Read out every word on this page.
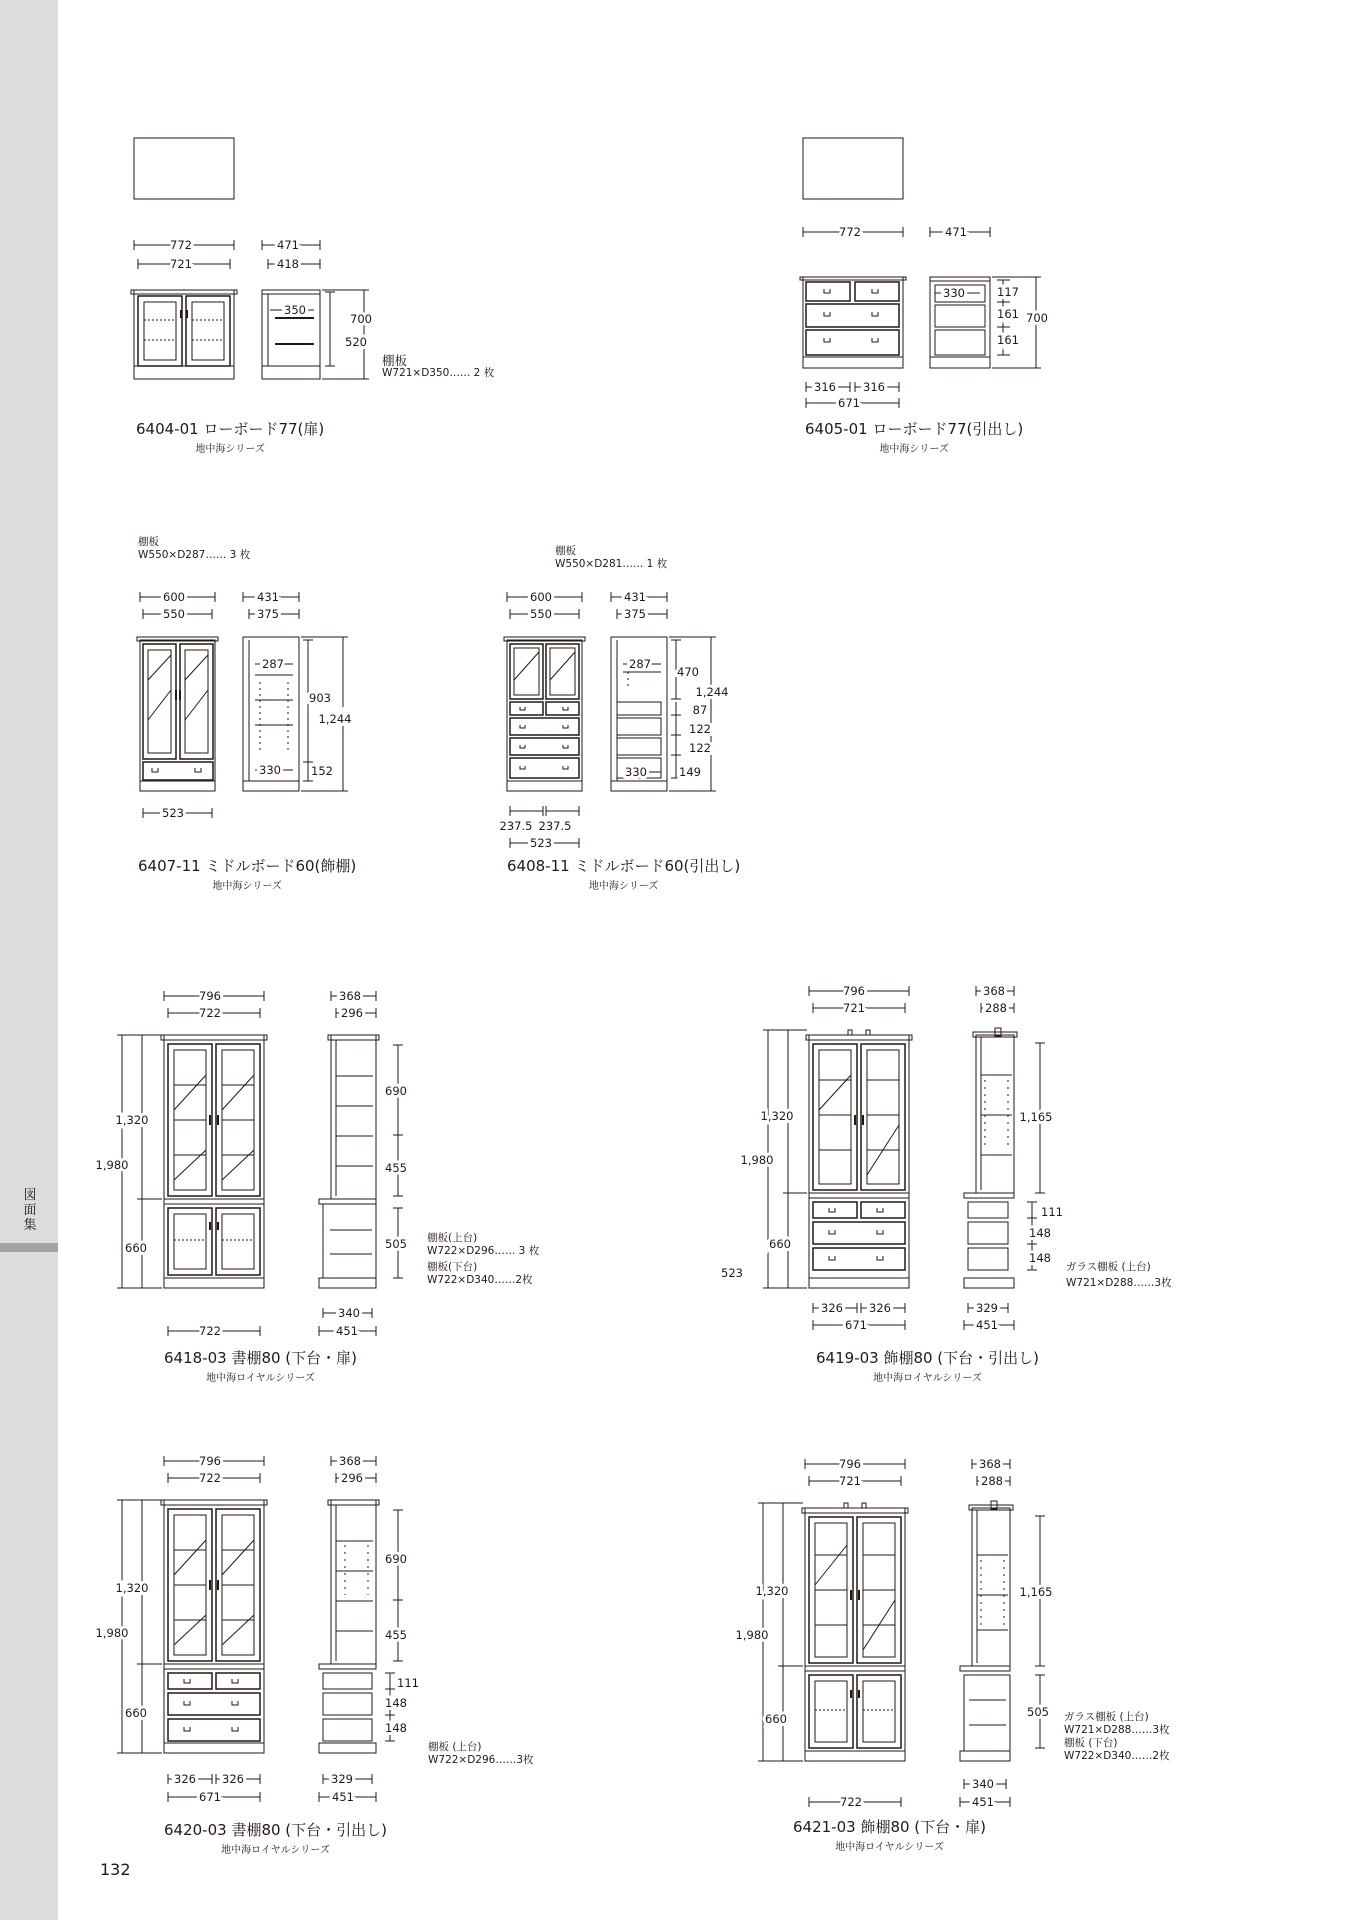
図面集
772
721
471
418
350
700
520
772	471
330	117
161
161
700
316 316
671
600
550
431
375
287
903
1,244
330	152
523
600
550
431
375
287
470
1,244
87
122
122
330	149
237.5 237.5
523
796
722
368
296
690
1,320
1,980	455
505
660
340
722	451
796
721
368
288
1,320	1,165
1,980
111
148
660
148
523
326 326	329
671	451
796
722
368
296
690
1,320
1,980	455
111
148
660
148
326 326	329
671	451
796
721
368
288
1,320	1,165
1,980
505
660
340
722	451
棚板
W721×D350…… 2 枚
棚板
W550×D287…… 3 枚	棚板
W550×D281…… 1 枚
棚板(上台)
W722×D296…… 3 枚
棚板(下台)
W722×D340……2枚
ガラス棚板 (上台)
W721×D288……3枚
棚板 (上台)
W722×D296……3枚
ガラス棚板 (上台)
W721×D288……3枚
棚板 (下台)
W722×D340……2枚
6404-01 ローボード77(扉)
地中海シリーズ
6405-01 ローボード77(引出し)
地中海シリーズ
6407-11 ミドルボード60(飾棚)
地中海シリーズ
6408-11 ミドルボード60(引出し)
地中海シリーズ
6418-03 書棚80 (下台・扉)
地中海ロイヤルシリーズ
6419-03 飾棚80 (下台・引出し)
地中海ロイヤルシリーズ
6420-03 書棚80 (下台・引出し)
地中海ロイヤルシリーズ
6421-03 飾棚80 (下台・扉)
地中海ロイヤルシリーズ
132
